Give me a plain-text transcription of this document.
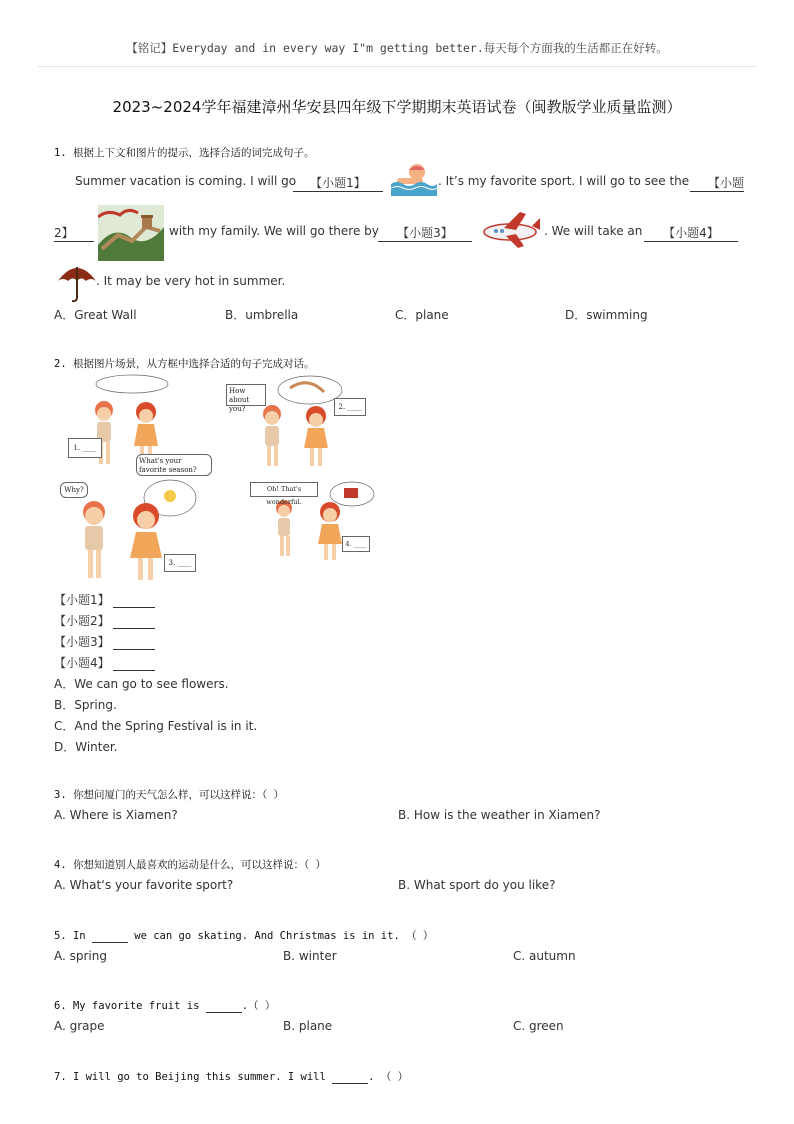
【铭记】Everyday and in every way I"m getting better.每天每个方面我的生活都正在好转。
2023~2024学年福建漳州华安县四年级下学期期末英语试卷（闽教版学业质量监测）
1. 根据上下文和图片的提示，选择合适的词完成句子。
Summer vacation is coming. I will go	【小题1】	. It’s my favorite sport. I will go to see the	【小题
2】	with my family. We will go there by	【小题3】	. We will take an	【小题4】
. It may be very hot in summer.
A．Great Wall	B．umbrella	C．plane	D．swimming
2. 根据图片场景，从方框中选择合适的句子完成对话。
1. ____
What's your favorite season?
How about you?	2. ____
Why?
3. ____
Oh! That's wonderful.
4. ____
【小题1】
【小题2】
【小题3】
【小题4】
A．We can go to see flowers.
B．Spring.
C．And the Spring Festival is in it.
D．Winter.
3. 你想问厦门的天气怎么样，可以这样说：（ ）
A. Where is Xiamen?	B. How is the weather in Xiamen?
4. 你想知道别人最喜欢的运动是什么，可以这样说：（ ）
A. What‘s your favorite sport?	B. What sport do you like?
5. In	we can go skating. And Christmas is in it. （ ）
A. spring	B. winter	C. autumn
6. My favorite fruit is	.（ ）
A. grape	B. plane	C. green
7. I will go to Beijing this summer. I will	. （ ）
